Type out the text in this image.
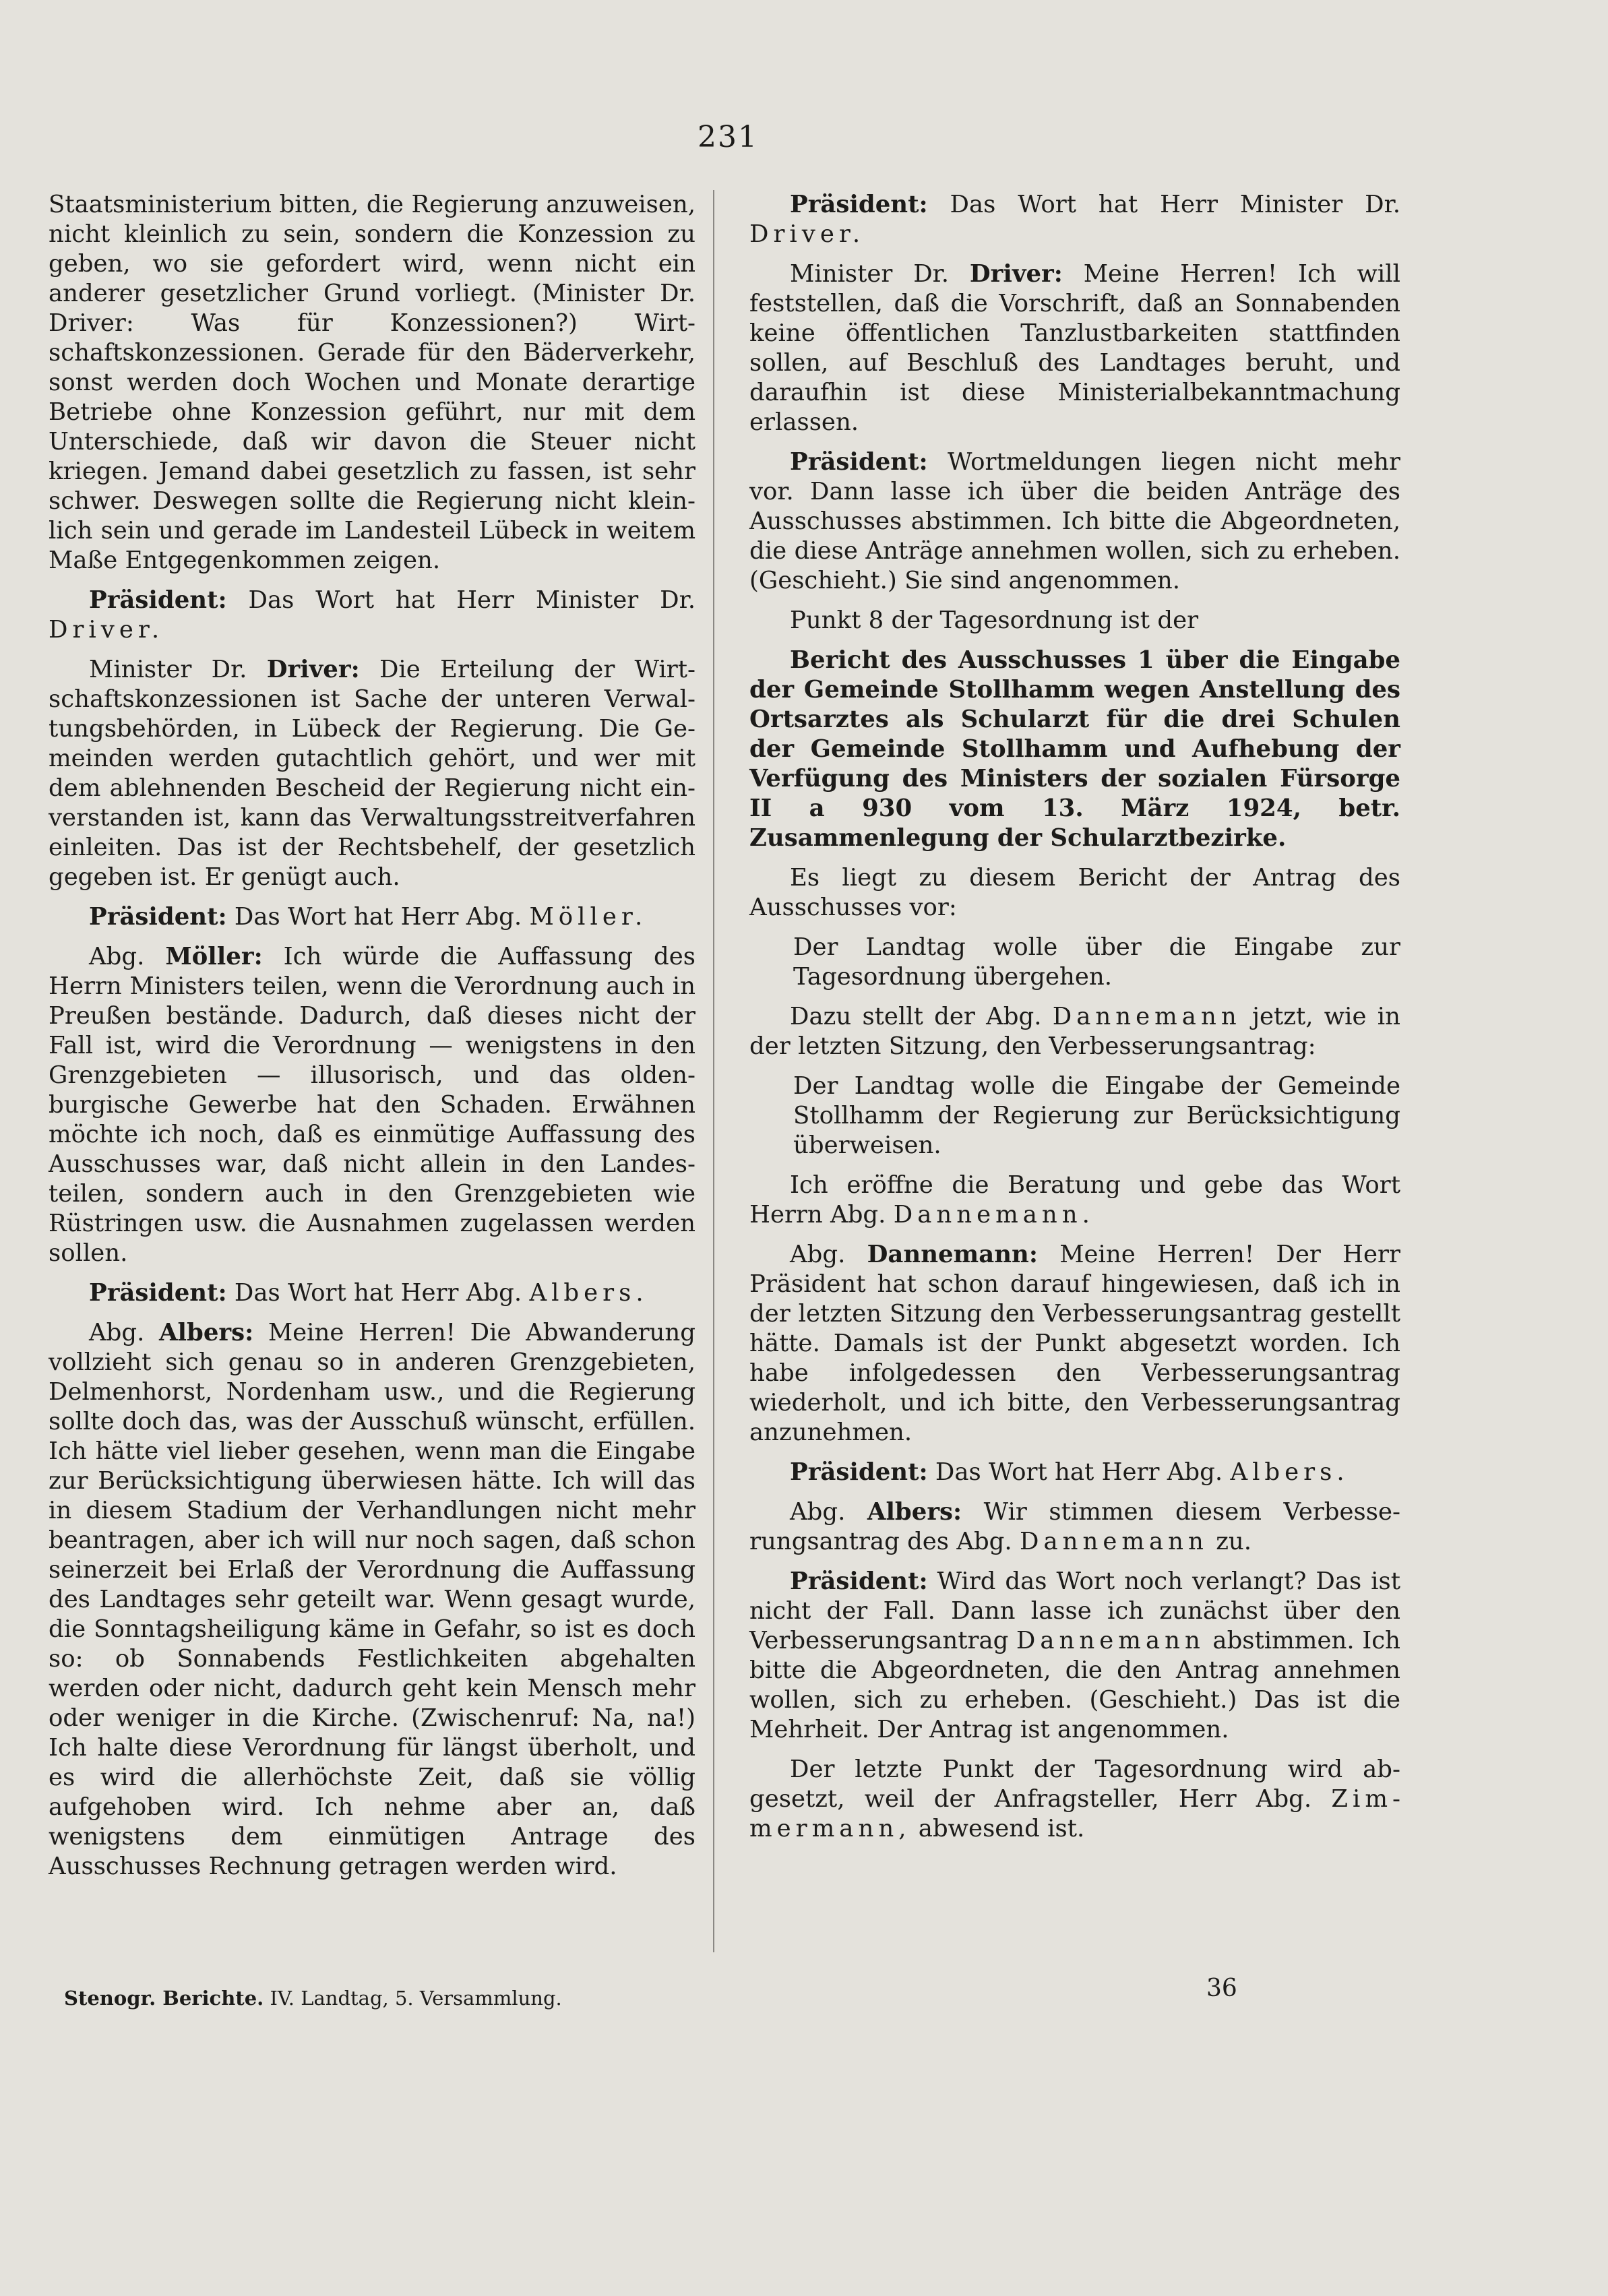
231

Staatsministerium bitten, die Regierung anzuweisen, nicht kleinlich zu sein, sondern die Konzession zu geben, wo sie gefordert wird, wenn nicht ein anderer gesetzlicher Grund vorliegt. (Minister Dr. Driver: Was für Konzessionen?) Wirtschaftskonzessionen. Gerade für den Bäderverkehr, sonst werden doch Wochen und Monate derartige Betriebe ohne Konzession geführt, nur mit dem Unterschiede, daß wir davon die Steuer nicht kriegen. Jemand dabei gesetzlich zu fassen, ist sehr schwer. Deswegen sollte die Regierung nicht kleinlich sein und gerade im Landesteil Lübeck in weitem Maße Entgegenkommen zeigen.

Präsident: Das Wort hat Herr Minister Dr. Driver.

Minister Dr. Driver: Die Erteilung der Wirtschaftskonzessionen ist Sache der unteren Verwaltungsbehörden, in Lübeck der Regierung. Die Gemeinden werden gutachtlich gehört, und wer mit dem ablehnenden Bescheid der Regierung nicht einverstanden ist, kann das Verwaltungsstreitverfahren einleiten. Das ist der Rechtsbehelf, der gesetzlich gegeben ist. Er genügt auch.

Präsident: Das Wort hat Herr Abg. Möller.

Abg. Möller: Ich würde die Auffassung des Herrn Ministers teilen, wenn die Verordnung auch in Preußen bestände. Dadurch, daß dieses nicht der Fall ist, wird die Verordnung — wenigstens in den Grenzgebieten — illusorisch, und das oldenburgische Gewerbe hat den Schaden. Erwähnen möchte ich noch, daß es einmütige Auffassung des Ausschusses war, daß nicht allein in den Landesteilen, sondern auch in den Grenzgebieten wie Rüstringen usw. die Ausnahmen zugelassen werden sollen.

Präsident: Das Wort hat Herr Abg. Albers.

Abg. Albers: Meine Herren! Die Abwanderung vollzieht sich genau so in anderen Grenzgebieten, Delmenhorst, Nordenham usw., und die Regierung sollte doch das, was der Ausschuß wünscht, erfüllen. Ich hätte viel lieber gesehen, wenn man die Eingabe zur Berücksichtigung überwiesen hätte. Ich will das in diesem Stadium der Verhandlungen nicht mehr beantragen, aber ich will nur noch sagen, daß schon seinerzeit bei Erlaß der Verordnung die Auffassung des Landtages sehr geteilt war. Wenn gesagt wurde, die Sonntagsheiligung käme in Gefahr, so ist es doch so: ob Sonnabends Festlichkeiten abgehalten werden oder nicht, dadurch geht kein Mensch mehr oder weniger in die Kirche. (Zwischenruf: Na, na!) Ich halte diese Verordnung für längst überholt, und es wird die allerhöchste Zeit, daß sie völlig aufgehoben wird. Ich nehme aber an, daß wenigstens dem einmütigen Antrage des Ausschusses Rechnung getragen werden wird.

Präsident: Das Wort hat Herr Minister Dr. Driver.

Minister Dr. Driver: Meine Herren! Ich will feststellen, daß die Vorschrift, daß an Sonnabenden keine öffentlichen Tanzlustbarkeiten stattfinden sollen, auf Beschluß des Landtages beruht, und daraufhin ist diese Ministerialbekanntmachung erlassen.

Präsident: Wortmeldungen liegen nicht mehr vor. Dann lasse ich über die beiden Anträge des Ausschusses abstimmen. Ich bitte die Abgeordneten, die diese Anträge annehmen wollen, sich zu erheben. (Geschieht.) Sie sind angenommen.

Punkt 8 der Tagesordnung ist der

Bericht des Ausschusses 1 über die Eingabe der Gemeinde Stollhamm wegen Anstellung des Ortsarztes als Schularzt für die drei Schulen der Gemeinde Stollhamm und Aufhebung der Verfügung des Ministers der sozialen Fürsorge II a 930 vom 13. März 1924, betr. Zusammenlegung der Schularztbezirke.

Es liegt zu diesem Bericht der Antrag des Ausschusses vor:

Der Landtag wolle über die Eingabe zur Tagesordnung übergehen.

Dazu stellt der Abg. Dannemann jetzt, wie in der letzten Sitzung, den Verbesserungsantrag:

Der Landtag wolle die Eingabe der Gemeinde Stollhamm der Regierung zur Berücksichtigung überweisen.

Ich eröffne die Beratung und gebe das Wort Herrn Abg. Dannemann.

Abg. Dannemann: Meine Herren! Der Herr Präsident hat schon darauf hingewiesen, daß ich in der letzten Sitzung den Verbesserungsantrag gestellt hätte. Damals ist der Punkt abgesetzt worden. Ich habe infolgedessen den Verbesserungsantrag wiederholt, und ich bitte, den Verbesserungsantrag anzunehmen.

Präsident: Das Wort hat Herr Abg. Albers.

Abg. Albers: Wir stimmen diesem Verbesserungsantrag des Abg. Dannemann zu.

Präsident: Wird das Wort noch verlangt? Das ist nicht der Fall. Dann lasse ich zunächst über den Verbesserungsantrag Dannemann abstimmen. Ich bitte die Abgeordneten, die den Antrag annehmen wollen, sich zu erheben. (Geschieht.) Das ist die Mehrheit. Der Antrag ist angenommen.

Der letzte Punkt der Tagesordnung wird abgesetzt, weil der Anfragsteller, Herr Abg. Zimmermann, abwesend ist.

Stenogr. Berichte. IV. Landtag, 5. Versammlung.	36
